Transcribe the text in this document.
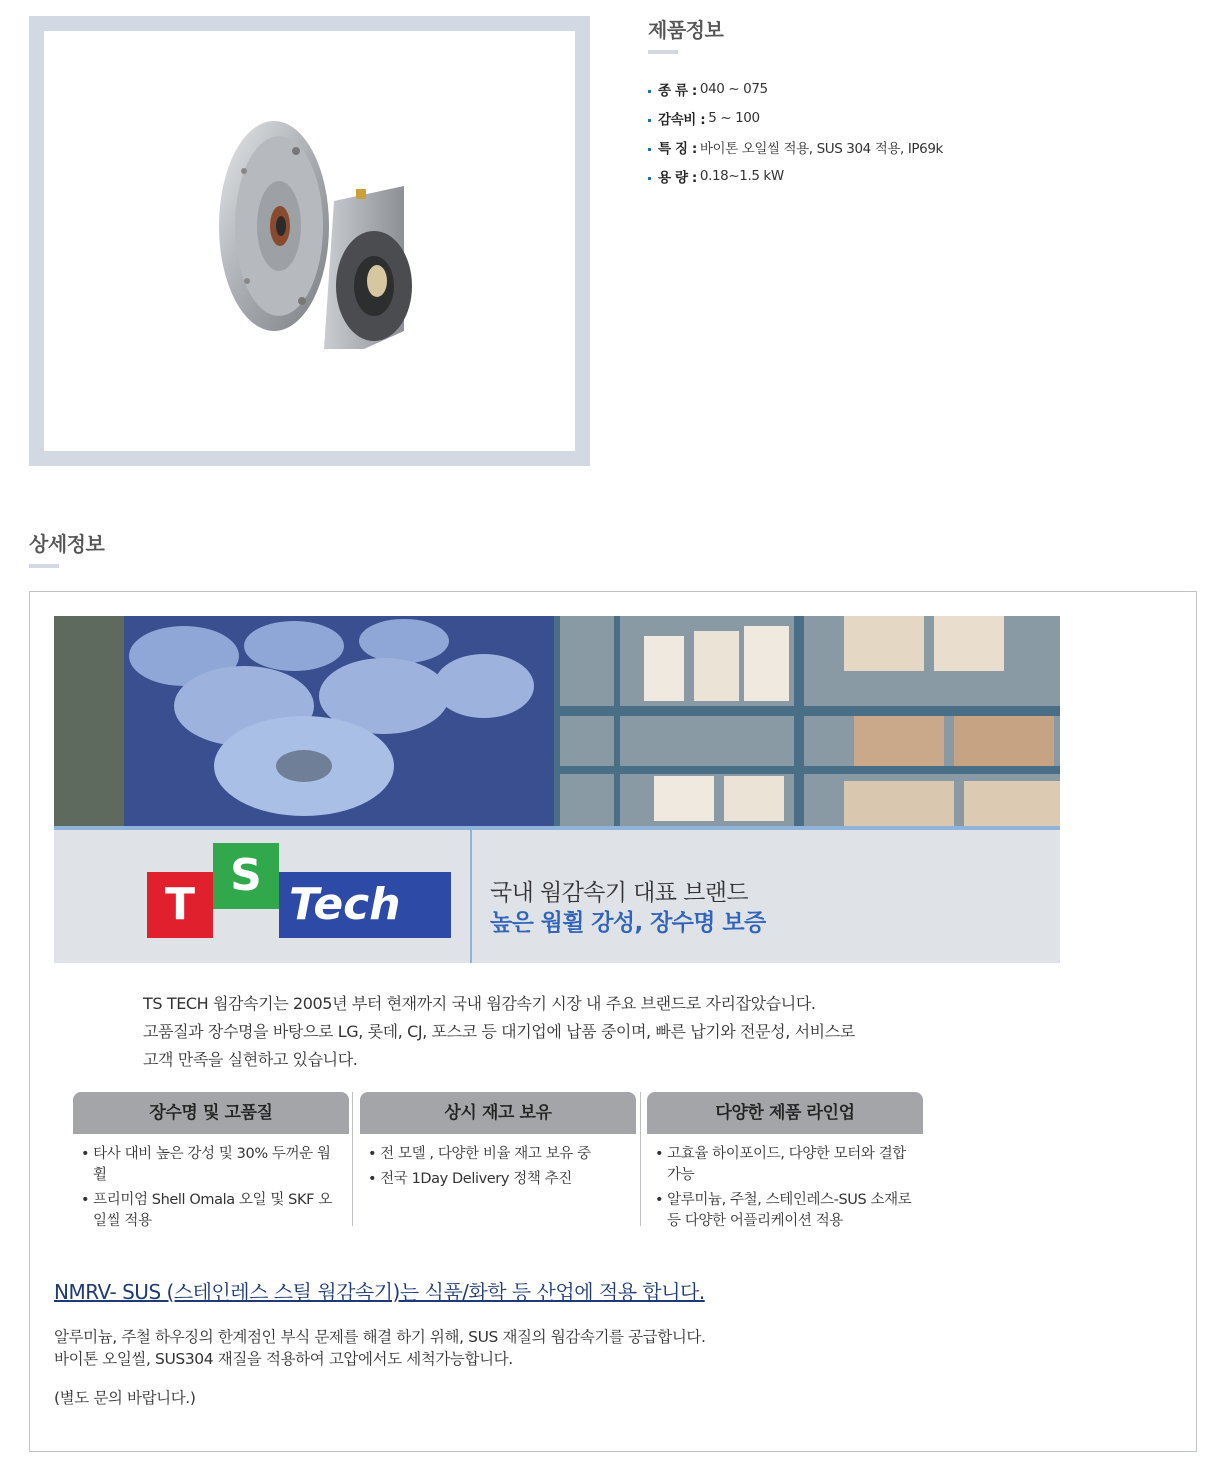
제품정보
종 류 : 040 ~ 075
감속비 : 5 ~ 100
특 징 : 바이톤 오일씰 적용, SUS 304 적용, IP69k
용 량 : 0.18~1.5 kW
상세정보
T
S
Tech	국내 웜감속기 대표 브랜드
높은 웜휠 강성, 장수명 보증

TS TECH 웜감속기는 2005년 부터 현재까지 국내 웜감속기 시장 내 주요 브랜드로 자리잡았습니다.

고품질과 장수명을 바탕으로 LG, 롯데, CJ, 포스코 등 대기업에 납품 중이며, 빠른 납기와 전문성, 서비스로

고객 만족을 실현하고 있습니다.

장수명 및 고품질
• 타사 대비 높은 강성 및 30% 두꺼운 웜휠
• 프리미엄 Shell Omala 오일 및 SKF 오일씰 적용
상시 재고 보유
• 전 모델 , 다양한 비율 재고 보유 중
• 전국 1Day Delivery 정책 추진
다양한 제품 라인업
• 고효율 하이포이드, 다양한 모터와 결합 가능
• 알루미늄, 주철, 스테인레스-SUS 소재로 등 다양한 어플리케이션 적용
NMRV- SUS (스테인레스 스틸 웜감속기)는 식품/화학 등 산업에 적용 합니다.

알루미늄, 주철 하우징의 한계점인 부식 문제를 해결 하기 위해, SUS 재질의 웜감속기를 공급합니다.

바이톤 오일씰, SUS304 재질을 적용하여 고압에서도 세척가능합니다.

(별도 문의 바랍니다.)
